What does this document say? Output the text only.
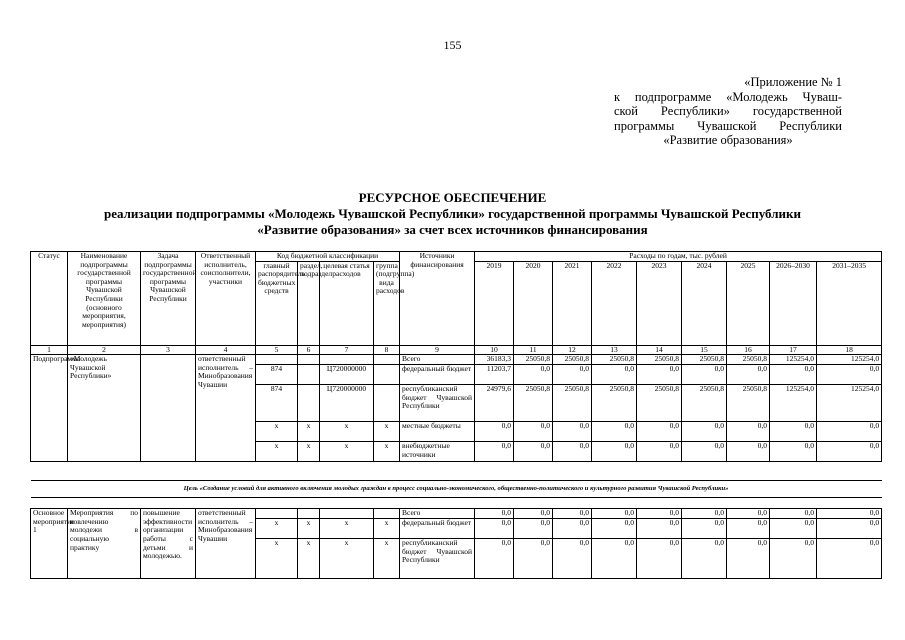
155
«Приложение № 1
к подпрограмме «Молодежь Чуваш-
ской Республики» государственной
программы Чувашской Республики
«Развитие образования»
РЕСУРСНОЕ ОБЕСПЕЧЕНИЕ
реализации подпрограммы «Молодежь Чувашской Республики» государственной программы Чувашской Республики
«Развитие образования» за счет всех источников финансирования
Статус	Наименование подпрограммы государственной программы Чувашской Республики (основного мероприятия, мероприятия)	Задача подпрограммы государственной программы Чувашской Республики	Ответственный исполнитель, соисполнители, участники	Код бюджетной классификации				Источники финансирования	Расходы по годам, тыс. рублей								
				главный распорядитель бюджетных средств	раздел, подраздел	целевая статья расходов	группа (подгруппа) вида расходов		2019	2020	2021	2022	2023	2024	2025	2026–2030	2031–2035
1	2	3	4	5	6	7	8	9	10	11	12	13	14	15	16	17	18
Подпрограмма	«Молодежь Чувашской Республики»		ответственный исполнитель – Минобразования Чувашии					Всего	36183,3	25050,8	25050,8	25050,8	25050,8	25050,8	25050,8	125254,0	125254,0
				874		Ц720000000		федеральный бюджет	11203,7	0,0	0,0	0,0	0,0	0,0	0,0	0,0	0,0
				874		Ц720000000		республиканский бюджет Чувашской Республики	24979,6	25050,8	25050,8	25050,8	25050,8	25050,8	25050,8	125254,0	125254,0
				x	x	x	x	местные бюджеты	0,0	0,0	0,0	0,0	0,0	0,0	0,0	0,0	0,0
				x	x	x	x	внебюджетные источники	0,0	0,0	0,0	0,0	0,0	0,0	0,0	0,0	0,0

Цель «Создание условий для активного включения молодых граждан в процесс социально-экономического, общественно-политического и культурного развития Чувашской Республики»																	

Основное мероприятие 1	Мероприятия по вовлечению молодежи в социальную практику	повышение эффективности организации работы с детьми и молодежью.	ответственный исполнитель – Минобразования Чувашии					Всего	0,0	0,0	0,0	0,0	0,0	0,0	0,0	0,0	0,0
				x	x	x	x	федеральный бюджет	0,0	0,0	0,0	0,0	0,0	0,0	0,0	0,0	0,0
				x	x	x	x	республиканский бюджет Чувашской Республики	0,0	0,0	0,0	0,0	0,0	0,0	0,0	0,0	0,0
